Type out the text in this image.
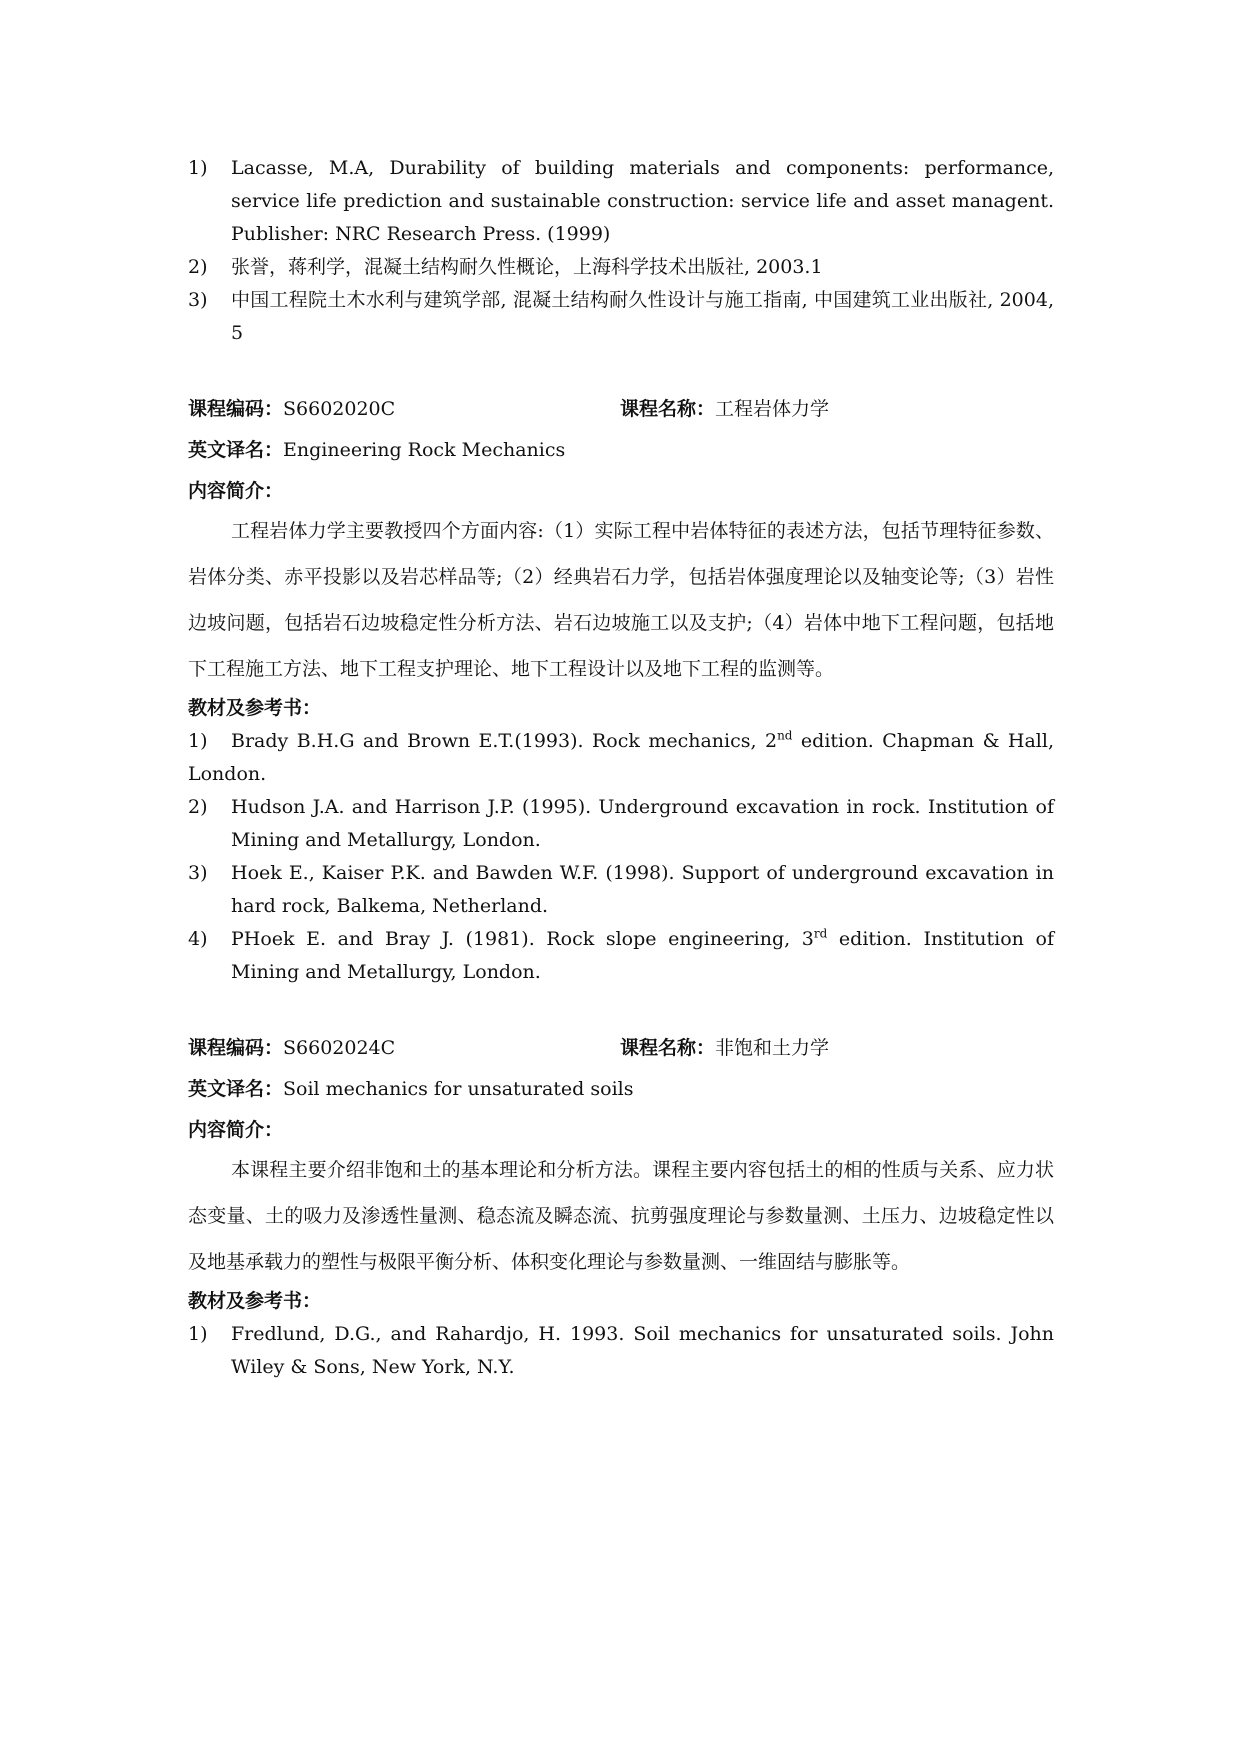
1)	Lacasse, M.A, Durability of building materials and components: performance, service life prediction and sustainable construction: service life and asset managent. Publisher: NRC Research Press. (1999)
2)	张誉，蒋利学，混凝土结构耐久性概论，上海科学技术出版社, 2003.1
3)	中国工程院土木水利与建筑学部, 混凝土结构耐久性设计与施工指南, 中国建筑工业出版社, 2004, 5
课程编码：S6602020C	课程名称：工程岩体力学
英文译名：Engineering Rock Mechanics
内容简介：

工程岩体力学主要教授四个方面内容:（1）实际工程中岩体特征的表述方法，包括节理特征参数、岩体分类、赤平投影以及岩芯样品等;（2）经典岩石力学，包括岩体强度理论以及轴变论等;（3）岩性边坡问题，包括岩石边坡稳定性分析方法、岩石边坡施工以及支护;（4）岩体中地下工程问题，包括地下工程施工方法、地下工程支护理论、地下工程设计以及地下工程的监测等。

教材及参考书：
1) Brady B.H.G and Brown E.T.(1993). Rock mechanics, 2nd edition. Chapman & Hall, London.
2)	Hudson J.A. and Harrison J.P. (1995). Underground excavation in rock. Institution of Mining and Metallurgy, London.
3)	Hoek E., Kaiser P.K. and Bawden W.F. (1998). Support of underground excavation in hard rock, Balkema, Netherland.
4)	PHoek E. and Bray J. (1981). Rock slope engineering, 3rd edition. Institution of Mining and Metallurgy, London.
课程编码：S6602024C	课程名称：非饱和土力学
英文译名：Soil mechanics for unsaturated soils
内容简介：

本课程主要介绍非饱和土的基本理论和分析方法。课程主要内容包括土的相的性质与关系、应力状态变量、土的吸力及渗透性量测、稳态流及瞬态流、抗剪强度理论与参数量测、土压力、边坡稳定性以及地基承载力的塑性与极限平衡分析、体积变化理论与参数量测、一维固结与膨胀等。

教材及参考书：
1)	Fredlund, D.G., and Rahardjo, H. 1993. Soil mechanics for unsaturated soils. John Wiley & Sons, New York, N.Y.
